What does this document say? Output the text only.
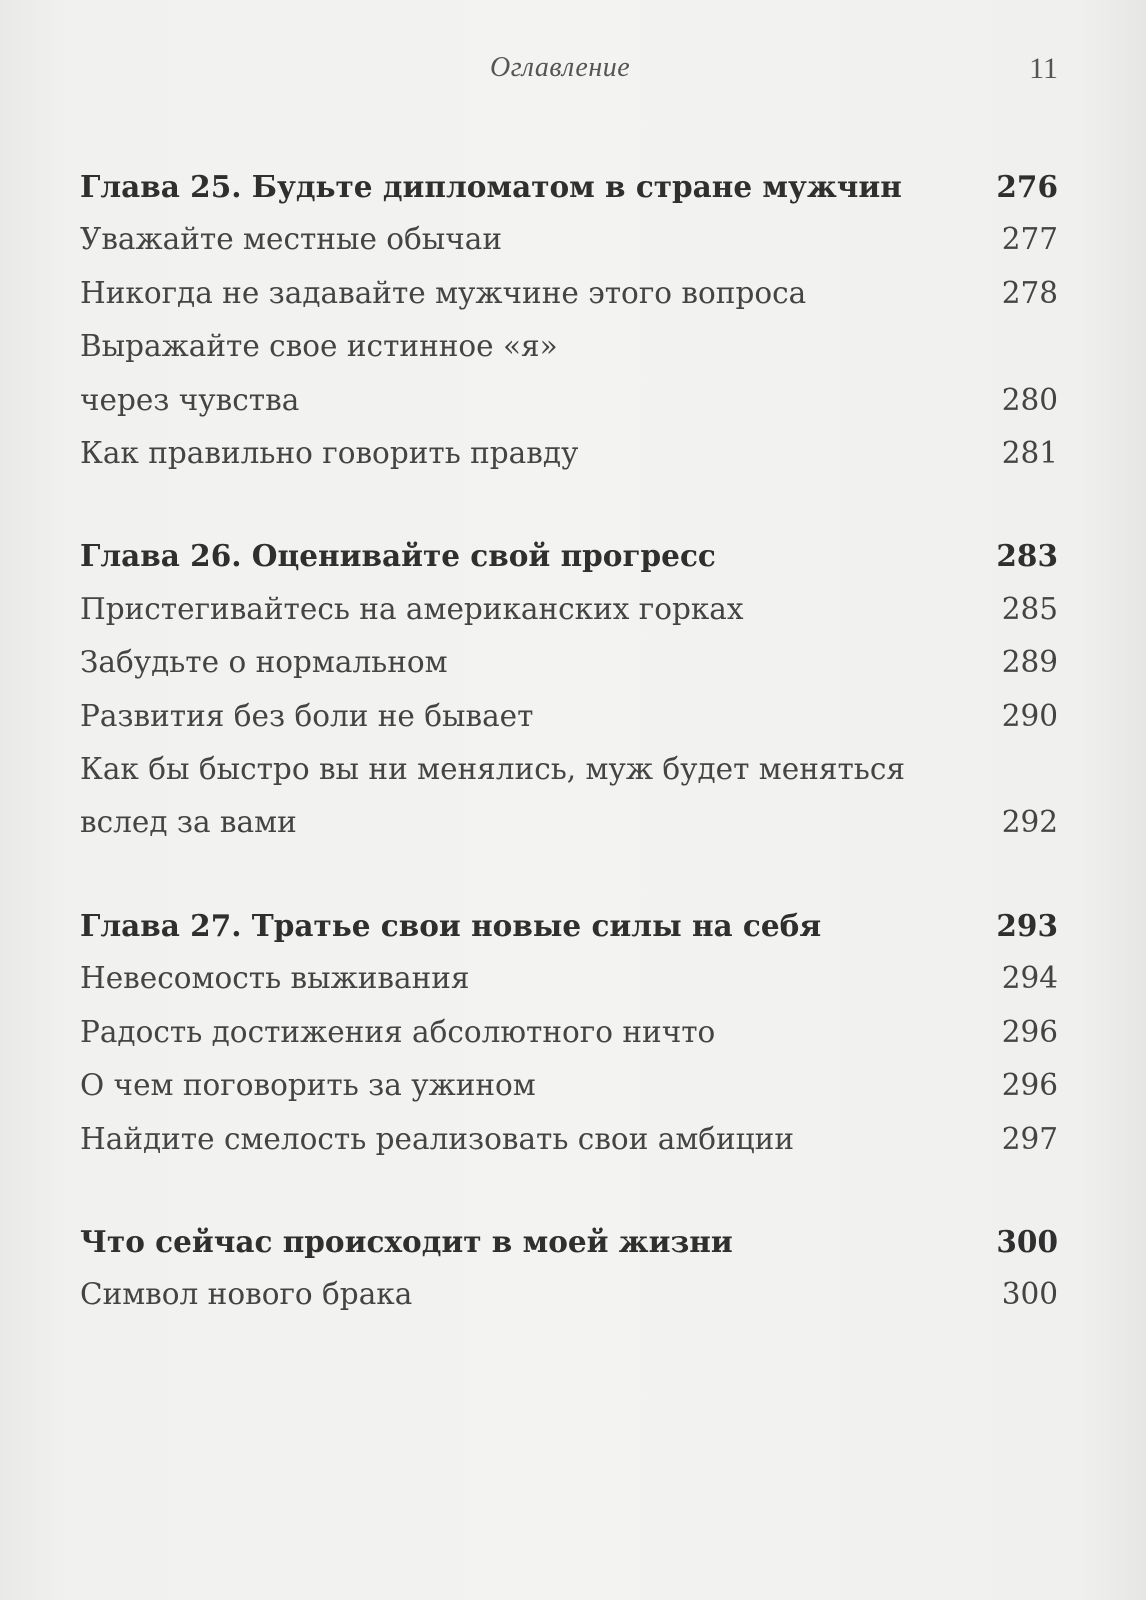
Оглавление	11
Глава 25. Будьте дипломатом в стране мужчин	276
Уважайте местные обычаи	277
Никогда не задавайте мужчине этого вопроса	278
Выражайте свое истинное «я»
через чувства	280
Как правильно говорить правду	281
Глава 26. Оценивайте свой прогресс	283
Пристегивайтесь на американских горках	285
Забудьте о нормальном	289
Развития без боли не бывает	290
Как бы быстро вы ни менялись, муж будет меняться
вслед за вами	292
Глава 27. Тратье свои новые силы на себя	293
Невесомость выживания	294
Радость достижения абсолютного ничто	296
О чем поговорить за ужином	296
Найдите смелость реализовать свои амбиции	297
Что сейчас происходит в моей жизни	300
Символ нового брака	300
